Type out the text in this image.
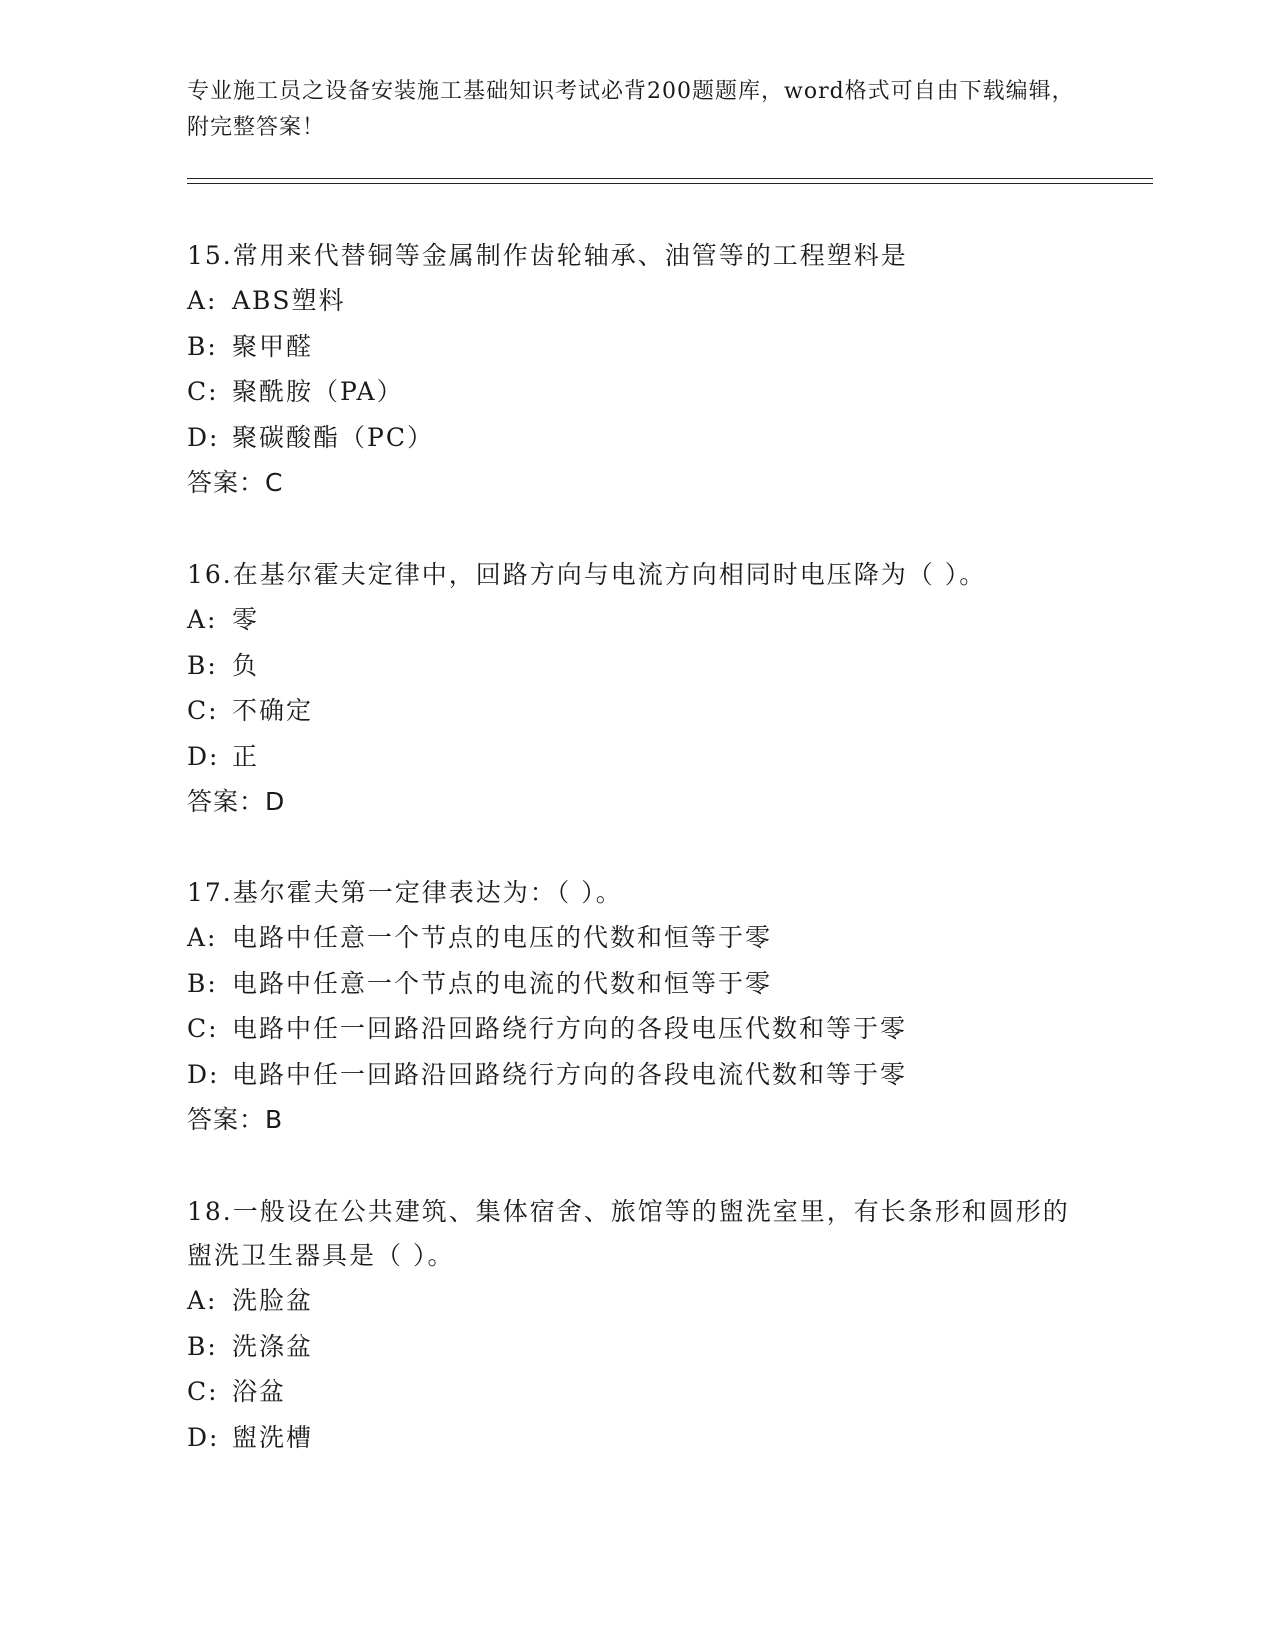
专业施工员之设备安装施工基础知识考试必背200题题库，word格式可自由下载编辑，附完整答案！

15.常用来代替铜等金属制作齿轮轴承、油管等的工程塑料是

A: ABS塑料
B: 聚甲醛
C: 聚酰胺（PA）
D: 聚碳酸酯（PC）
答案：C

16.在基尔霍夫定律中，回路方向与电流方向相同时电压降为（ ）。

A: 零
B: 负
C: 不确定
D: 正
答案：D

17.基尔霍夫第一定律表达为：（ ）。

A: 电路中任意一个节点的电压的代数和恒等于零
B: 电路中任意一个节点的电流的代数和恒等于零
C: 电路中任一回路沿回路绕行方向的各段电压代数和等于零
D: 电路中任一回路沿回路绕行方向的各段电流代数和等于零
答案：B

18.一般设在公共建筑、集体宿舍、旅馆等的盥洗室里，有长条形和圆形的盥洗卫生器具是（ ）。

A: 洗脸盆
B: 洗涤盆
C: 浴盆
D: 盥洗槽
